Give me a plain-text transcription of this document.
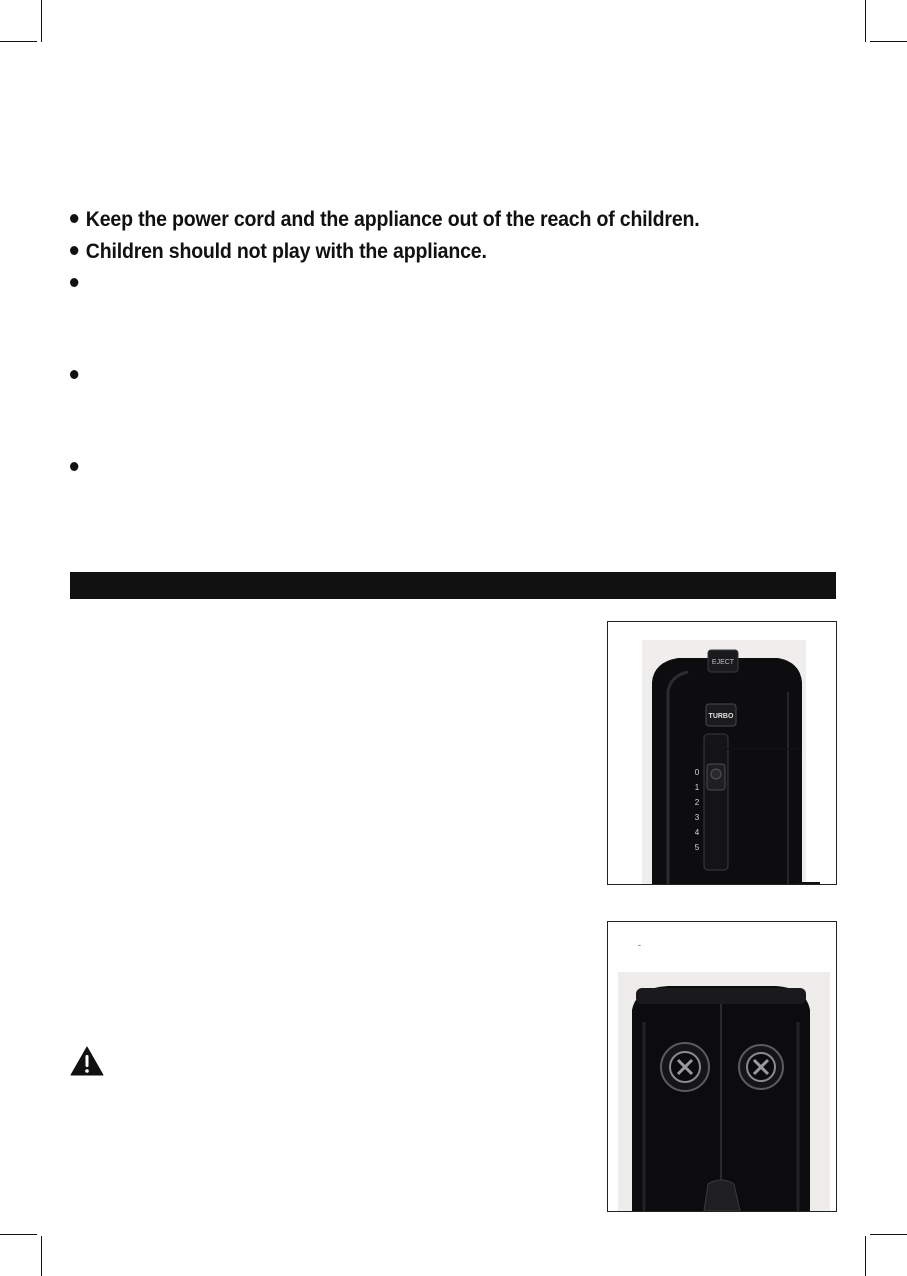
Keep the power cord and the appliance out of the reach of children.
Children should not play with the appliance.
EJECT
TURBO
0
1
2
3
4
5
-
